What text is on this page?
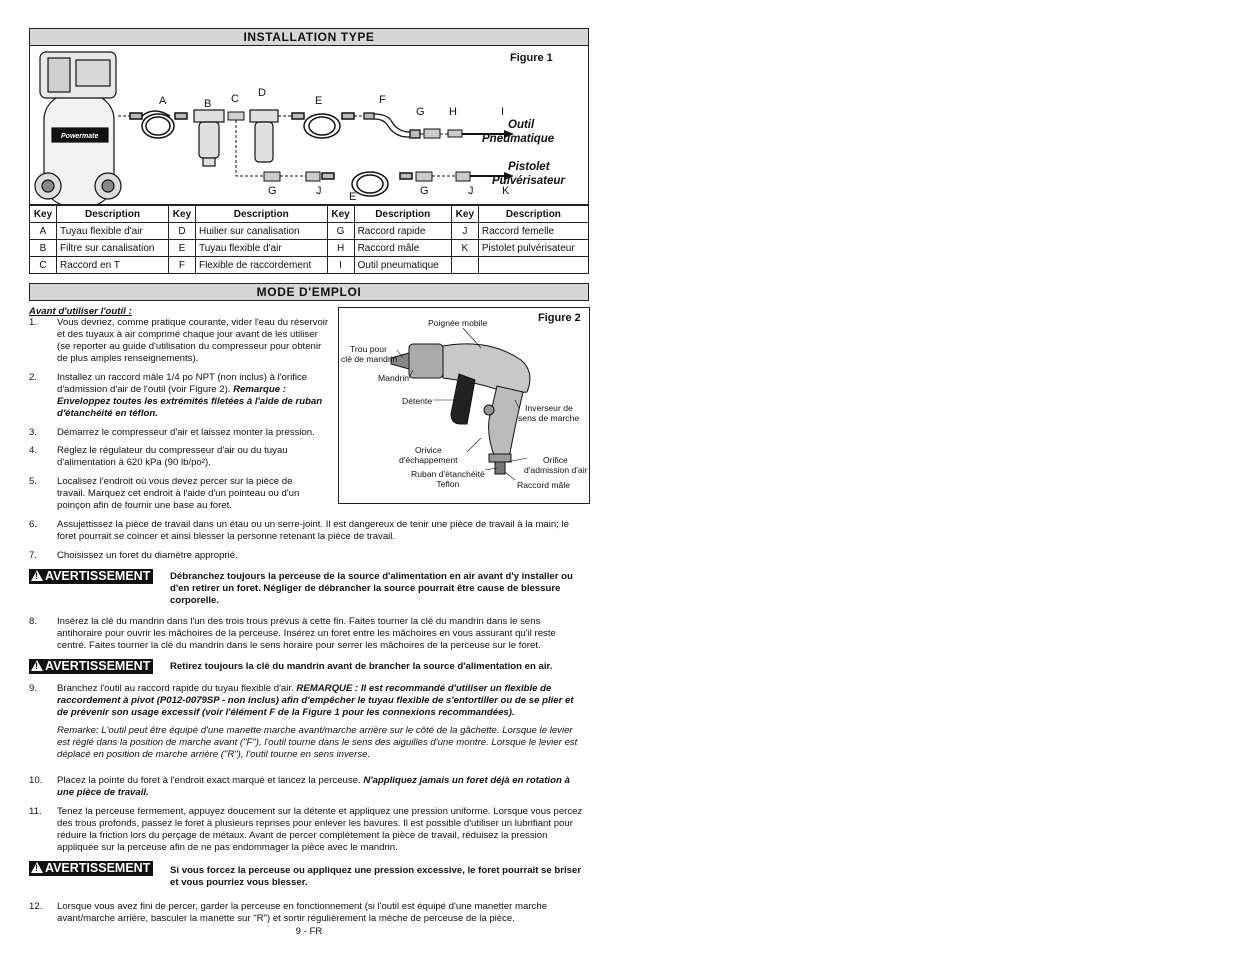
INSTALLATION TYPE
Powermate
Figure 1
A	B C D
E	F
G H	I
Outil
Pneumatique
Pistolet
Pulvérisateur
G	J	E	G	J	K
Key	Description	Key	Description	Key	Description	Key	Description
A	Tuyau flexible d'air	D	Huilier sur canalisation	G	Raccord rapide	J	Raccord femelle
B	Filtre sur canalisation	E	Tuyau flexible d'air	H	Raccord mâle	K	Pistolet pulvérisateur
C	Raccord en T	F	Flexible de raccordement	I	Outil pneumatique		
MODE D'EMPLOI
Figure 2
Poignée mobile
Trou pour
clé de mandrin
Mandrin
Détente
Inverseur de
sens de marche
Orivice
d'échappement	Orifice
d'admission d'air
Ruban d'étanchéité
Teflon	Raccord mâle
Avant d'utiliser l'outil :
1. Vous devriez, comme pratique courante, vider l'eau du réservoir et des tuyaux à air comprimé chaque jour avant de les utiliser (se reporter au guide d'utilisation du compresseur pour obtenir de plus amples renseignements).
2. Installez un raccord mâle 1/4 po NPT (non inclus) à l'orifice d'admission d'air de l'outil (voir Figure 2). Remarque : Enveloppez toutes les extrémités filetées à l'aide de ruban d'étanchéité en téflon.
3. Démarrez le compresseur d'air et laissez monter la pression.
4. Réglez le régulateur du compresseur d'air ou du tuyau d'alimentation à 620 kPa (90 lb/po²).
5. Localisez l'endroit où vous devez percer sur la pièce de travail. Marquez cet endroit à l'aide d'un pointeau ou d'un poinçon afin de fournir une base au foret.
6. Assujettissez la pièce de travail dans un étau ou un serre-joint. Il est dangereux de tenir une pièce de travail à la main; le foret pourrait se coincer et ainsi blesser la personne retenant la pièce de travail.
7. Choisissez un foret du diamètre approprié.
! AVERTISSEMENT	Débranchez toujours la perceuse de la source d'alimentation en air avant d'y installer ou d'en retirer un foret. Négliger de débrancher la source pourrait être cause de blessure corporelle.
8. Insérez la clé du mandrin dans l'un des trois trous prévus à cette fin. Faites tourner la clé du mandrin dans le sens antihoraire pour ouvrir les mâchoires de la perceuse. Insérez un foret entre les mâchoires en vous assurant qu'il reste centré. Faites tourner la clé du mandrin dans le sens horaire pour serrer les mâchoires de la perceuse sur le foret.
! AVERTISSEMENT	Retirez toujours la clé du mandrin avant de brancher la source d'alimentation en air.
9. Branchez l'outil au raccord rapide du tuyau flexible d'air. REMARQUE : Il est recommandé d'utiliser un flexible de raccordement à pivot (P012-0079SP - non inclus) afin d'empêcher le tuyau flexible de s'entortiller ou de se plier et de prévenir son usage excessif (voir l'élément F de la Figure 1 pour les connexions recommandées).
Remarke: L'outil peut être équipé d'une manette marche avant/marche arrière sur le côté de la gâchette. Lorsque le levier est réglé dans la position de marche avant ("F"), l'outil tourne dans le sens des aiguilles d'une montre. Lorsque le levier est déplacé en position de marche arrière ("R"), l'outil tourne en sens inverse.
10. Placez la pointe du foret à l'endroit exact marqué et lancez la perceuse. N'appliquez jamais un foret déjà en rotation à une pièce de travail.
11. Tenez la perceuse fermement, appuyez doucement sur la détente et appliquez une pression uniforme. Lorsque vous percez des trous profonds, passez le foret à plusieurs reprises pour enlever les bavures. Il est possible d'utiliser un lubrifiant pour réduire la friction lors du perçage de métaux. Avant de percer complètement la pièce de travail, réduisez la pression appliquée sur la perceuse afin de ne pas endommager la pièce avec le mandrin.
! AVERTISSEMENT	Si vous forcez la perceuse ou appliquez une pression excessive, le foret pourrait se briser et vous pourriez vous blesser.
12. Lorsque vous avez fini de percer, garder la perceuse en fonctionnement (si l'outil est équipé d'une manetter marche avant/marche arrière, basculer la manette sur "R") et sortir régulièrement la mèche de perceuse de la pièce.
9 - FR
